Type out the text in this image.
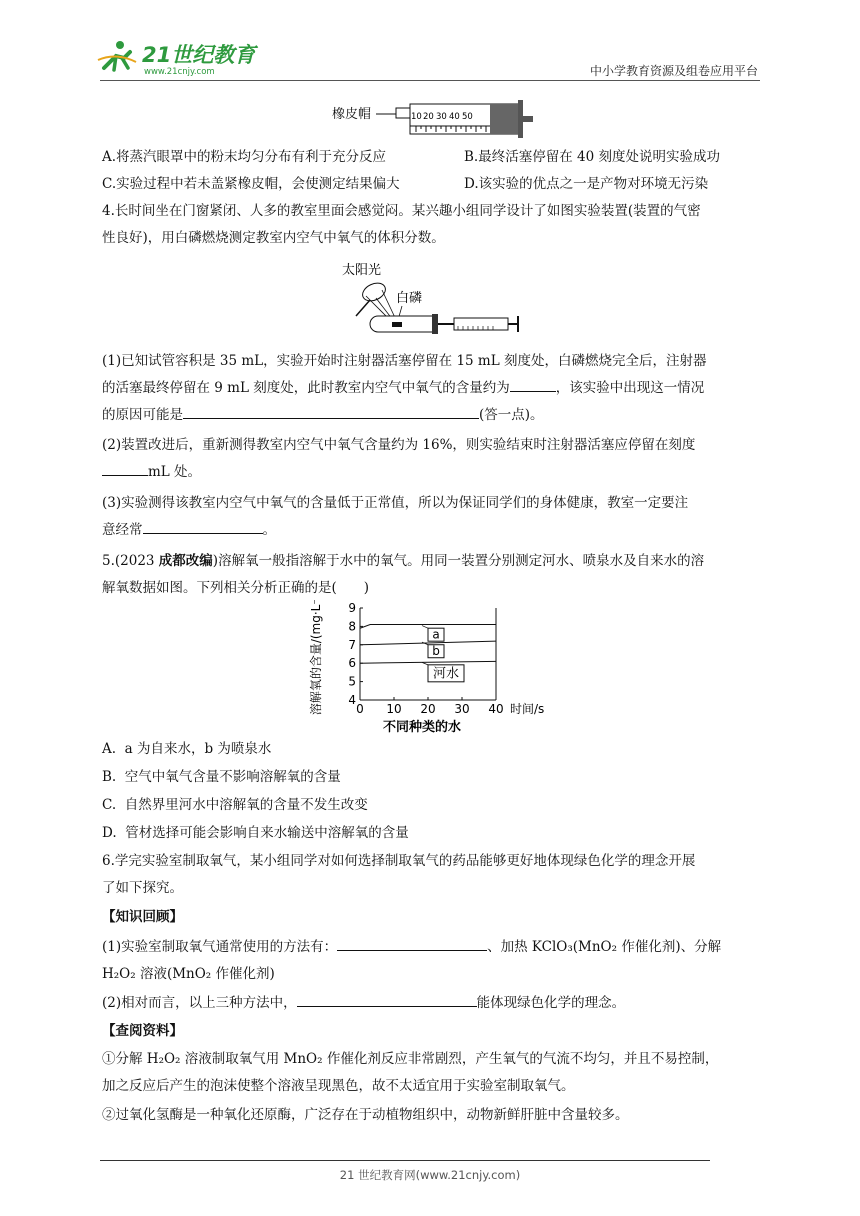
21世纪教育
www.21cnjy.com	中小学教育资源及组卷应用平台
橡皮帽	10 20 30 40 50
A.将蒸汽眼罩中的粉末均匀分布有利于充分反应	B.最终活塞停留在 40 刻度处说明实验成功
C.实验过程中若未盖紧橡皮帽，会使测定结果偏大	D.该实验的优点之一是产物对环境无污染
4.长时间坐在门窗紧闭、人多的教室里面会感觉闷。某兴趣小组同学设计了如图实验装置(装置的气密
性良好)，用白磷燃烧测定教室内空气中氧气的体积分数。
太阳光
白磷
(1)已知试管容积是 35 mL，实验开始时注射器活塞停留在 15 mL 刻度处，白磷燃烧完全后，注射器
的活塞最终停留在 9 mL 刻度处，此时教室内空气中氧气的含量约为	，该实验中出现这一情况
的原因可能是	(答一点)。
(2)装置改进后，重新测得教室内空气中氧气含量约为 16%，则实验结束时注射器活塞应停留在刻度
mL 处。
(3)实验测得该教室内空气中氧气的含量低于正常值，所以为保证同学们的身体健康，教室一定要注
意经常	。
5.(2023 成都改编)溶解氧一般指溶解于水中的氧气。用同一装置分别测定河水、喷泉水及自来水的溶
解氧数据如图。下列相关分析正确的是(　　)
溶解氧的含量/(mg·L⁻¹)	0 10 20 30 40
4
5
6
7
8
9
a
b
河水
时间/s
不同种类的水
A.  a 为自来水，b 为喷泉水
B.  空气中氧气含量不影响溶解氧的含量
C.  自然界里河水中溶解氧的含量不发生改变
D.  管材选择可能会影响自来水输送中溶解氧的含量
6.学完实验室制取氧气，某小组同学对如何选择制取氧气的药品能够更好地体现绿色化学的理念开展
了如下探究。
【知识回顾】
(1)实验室制取氧气通常使用的方法有：	、加热 KClO₃(MnO₂ 作催化剂)、分解
H₂O₂ 溶液(MnO₂ 作催化剂)
(2)相对而言，以上三种方法中，	能体现绿色化学的理念。
【查阅资料】
①分解 H₂O₂ 溶液制取氧气用 MnO₂ 作催化剂反应非常剧烈，产生氧气的气流不均匀，并且不易控制，
加之反应后产生的泡沫使整个溶液呈现黑色，故不太适宜用于实验室制取氧气。
②过氧化氢酶是一种氧化还原酶，广泛存在于动植物组织中，动物新鲜肝脏中含量较多。
21 世纪教育网(www.21cnjy.com)
